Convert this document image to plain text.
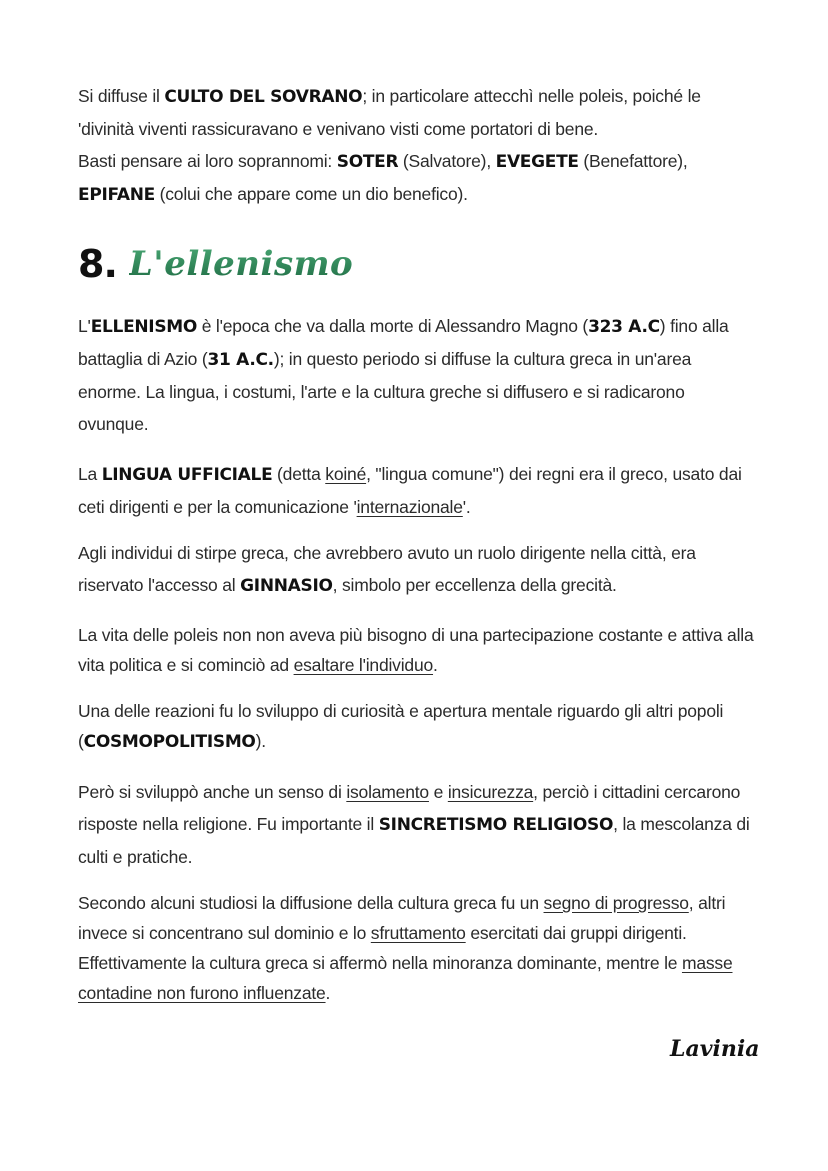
Si diffuse il CULTO DEL SOVRANO; in particolare attecchì nelle poleis, poiché le 'divinità viventi rassicuravano e venivano visti come portatori di bene.

Basti pensare ai loro soprannomi: SOTER (Salvatore), EVEGETE (Benefattore), EPIFANE (colui che appare come un dio benefico).

8. L'ellenismo

L'ELLENISMO è l'epoca che va dalla morte di Alessandro Magno (323 A.C) fino alla battaglia di Azio (31 A.C.); in questo periodo si diffuse la cultura greca in un'area enorme. La lingua, i costumi, l'arte e la cultura greche si diffusero e si radicarono ovunque.

La LINGUA UFFICIALE (detta koiné, "lingua comune") dei regni era il greco, usato dai ceti dirigenti e per la comunicazione 'internazionale'.

Agli individui di stirpe greca, che avrebbero avuto un ruolo dirigente nella città, era riservato l'accesso al GINNASIO, simbolo per eccellenza della grecità.

La vita delle poleis non non aveva più bisogno di una partecipazione costante e attiva alla vita politica e si cominciò ad esaltare l'individuo.

Una delle reazioni fu lo sviluppo di curiosità e apertura mentale riguardo gli altri popoli (COSMOPOLITISMO).

Però si sviluppò anche un senso di isolamento e insicurezza, perciò i cittadini cercarono risposte nella religione. Fu importante il SINCRETISMO RELIGIOSO, la mescolanza di culti e pratiche.

Secondo alcuni studiosi la diffusione della cultura greca fu un segno di progresso, altri invece si concentrano sul dominio e lo sfruttamento esercitati dai gruppi dirigenti. Effettivamente la cultura greca si affermò nella minoranza dominante, mentre le masse contadine non furono influenzate.

Lavinia
